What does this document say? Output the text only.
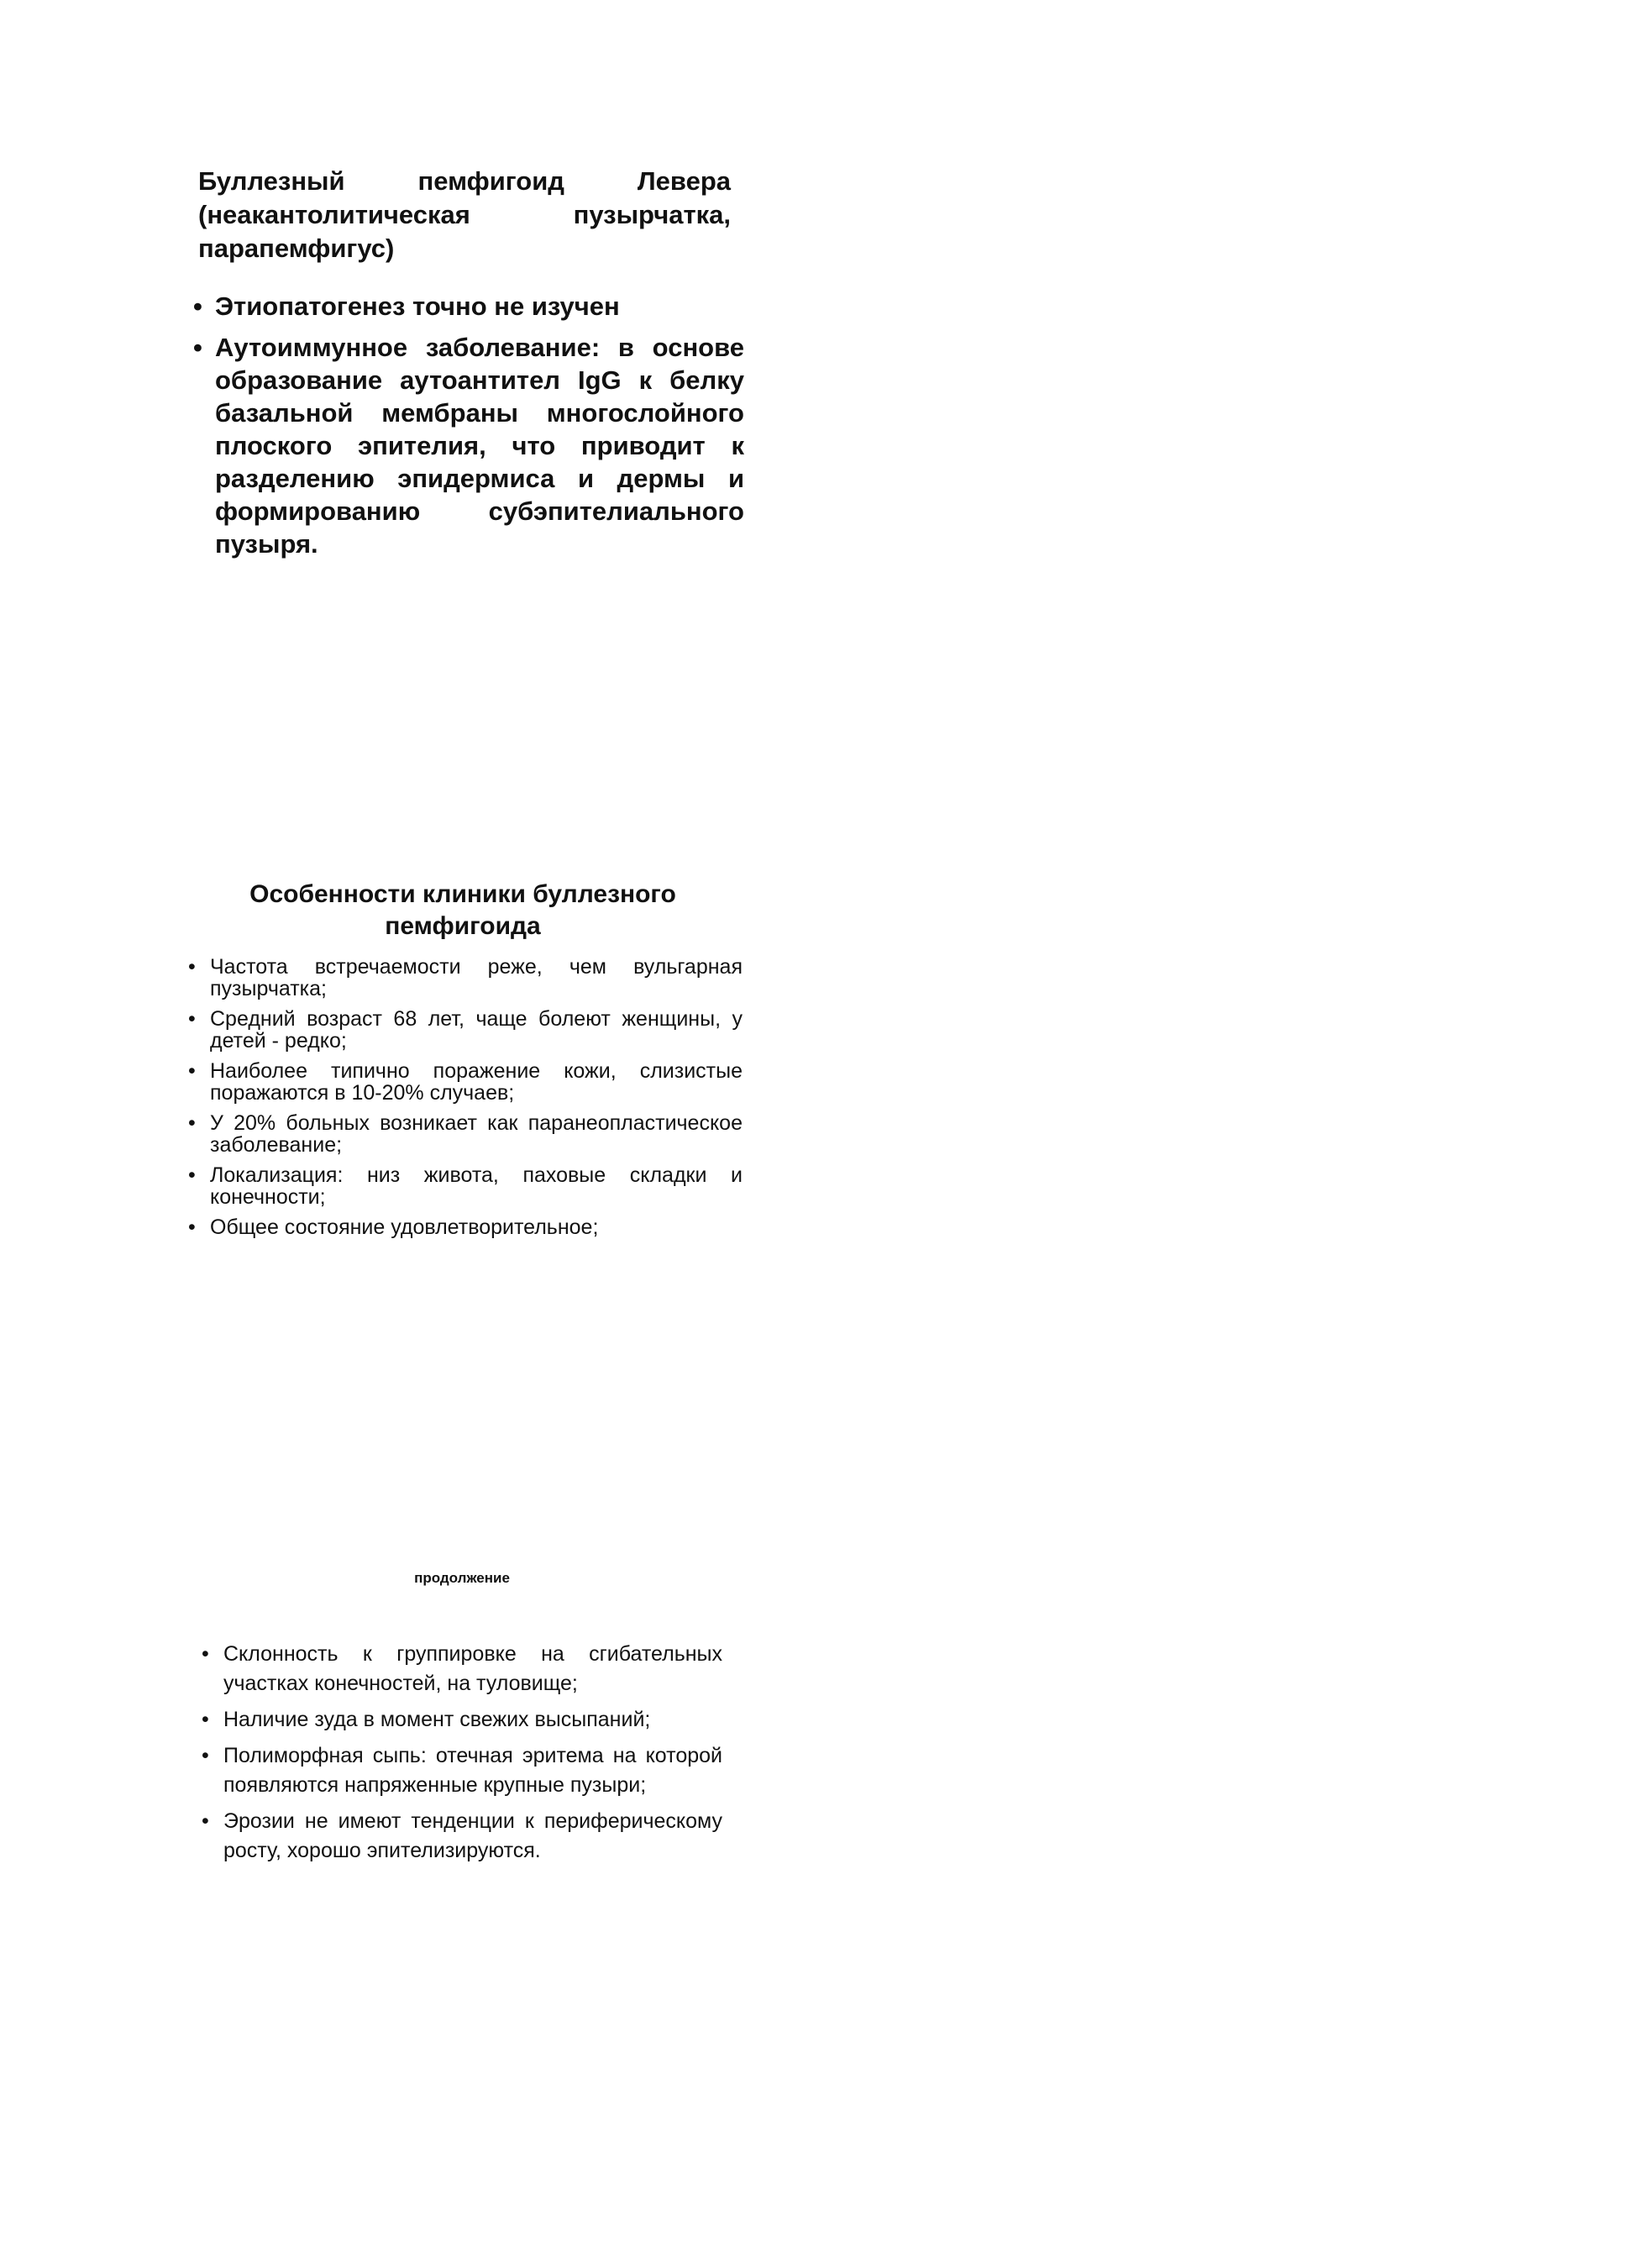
Буллезный пемфигоид Левера (неакантолитическая пузырчатка, парапемфигус)
• Этиопатогенез точно не изучен
• Аутоиммунное заболевание: в основе образование аутоантител IgG к белку базальной мембраны многослойного плоского эпителия, что приводит к разделению эпидермиса и дермы и формированию субэпителиального пузыря.
Особенности клиники буллезного пемфигоида
• Частота встречаемости реже, чем вульгарная пузырчатка;
• Средний возраст 68 лет, чаще болеют женщины, у детей - редко;
• Наиболее типично поражение кожи, слизистые поражаются в 10-20% случаев;
• У 20% больных возникает как паранеопластическое заболевание;
• Локализация: низ живота, паховые складки и конечности;
• Общее состояние удовлетворительное;
продолжение
• Склонность к группировке на сгибательных участках конечностей, на туловище;
• Наличие зуда в момент свежих высыпаний;
• Полиморфная сыпь: отечная эритема на которой появляются напряженные крупные пузыри;
• Эрозии не имеют тенденции к периферическому росту, хорошо эпителизируются.
